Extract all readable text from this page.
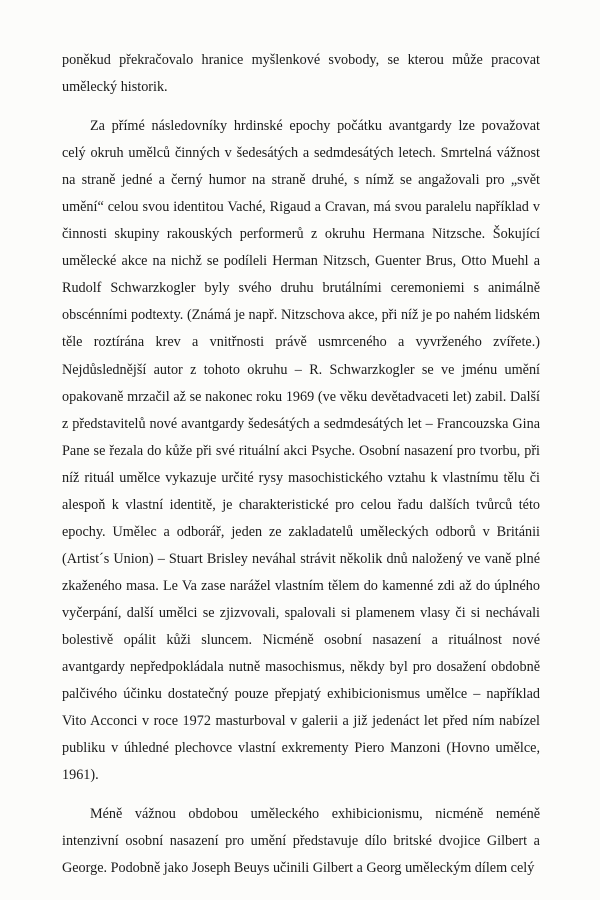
poněkud překračovalo hranice myšlenkové svobody, se kterou může pracovat umělecký historik.

Za přímé následovníky hrdinské epochy počátku avantgardy lze považovat celý okruh umělců činných v šedesátých a sedmdesátých letech. Smrtelná vážnost na straně jedné a černý humor na straně druhé, s nímž se angažovali pro „svět umění“ celou svou identitou Vaché, Rigaud a Cravan, má svou paralelu například v činnosti skupiny rakouských performerů z okruhu Hermana Nitzsche. Šokující umělecké akce na nichž se podíleli Herman Nitzsch, Guenter Brus, Otto Muehl a Rudolf Schwarzkogler byly svého druhu brutálními ceremoniemi s animálně obscénními podtexty. (Známá je např. Nitzschova akce, při níž je po nahém lidském těle roztírána krev a vnitřnosti právě usmrceného a vyvrženého zvířete.) Nejdůslednější autor z tohoto okruhu – R. Schwarzkogler se ve jménu umění opakovaně mrzačil až se nakonec roku 1969 (ve věku devětadvaceti let) zabil. Další z představitelů nové avantgardy šedesátých a sedmdesátých let – Francouzska Gina Pane se řezala do kůže při své rituální akci Psyche. Osobní nasazení pro tvorbu, při níž rituál umělce vykazuje určité rysy masochistického vztahu k vlastnímu tělu či alespoň k vlastní identitě, je charakteristické pro celou řadu dalších tvůrců této epochy. Umělec a odborář, jeden ze zakladatelů uměleckých odborů v Británii (Artist´s Union) – Stuart Brisley neváhal strávit několik dnů naložený ve vaně plné zkaženého masa. Le Va zase narážel vlastním tělem do kamenné zdi až do úplného vyčerpání, další umělci se zjizvovali, spalovali si plamenem vlasy či si nechávali bolestivě opálit kůži sluncem. Nicméně osobní nasazení a rituálnost nové avantgardy nepředpokládala nutně masochismus, někdy byl pro dosažení obdobně palčivého účinku dostatečný pouze přepjatý exhibicionismus umělce – například Vito Acconci v roce 1972 masturboval v galerii a již jedenáct let před ním nabízel publiku v úhledné plechovce vlastní exkrementy Piero Manzoni (Hovno umělce, 1961).

Méně vážnou obdobou uměleckého exhibicionismu, nicméně neméně intenzivní osobní nasazení pro umění představuje dílo britské dvojice Gilbert a George. Podobně jako Joseph Beuys učinili Gilbert a Georg uměleckým dílem celý
